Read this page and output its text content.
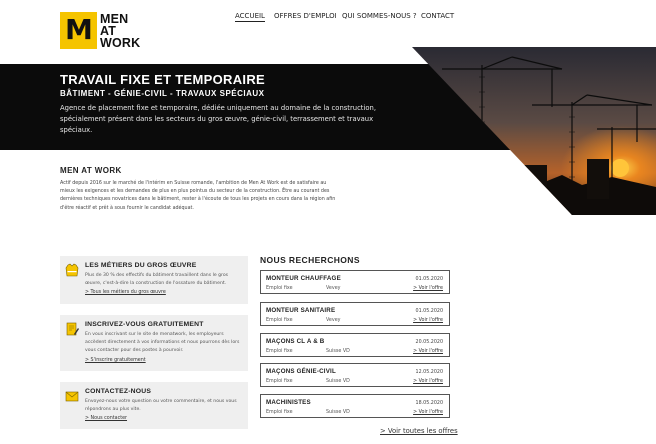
M MEN
AT
WORK
ACCUEIL OFFRES D'EMPLOI QUI SOMMES-NOUS ? CONTACT
TRAVAIL FIXE ET TEMPORAIRE
BÂTIMENT - GÉNIE-CIVIL - TRAVAUX SPÉCIAUX
Agence de placement fixe et temporaire, dédiée uniquement au domaine de la construction, spécialement présent dans les secteurs du gros œuvre, génie-civil, terrassement et travaux spéciaux.
MEN AT WORK
Actif depuis 2016 sur le marché de l'intérim en Suisse romande, l'ambition de Men At Work est de satisfaire au mieux les exigences et les demandes de plus en plus pointus du secteur de la construction. Être au courant des dernières techniques novatrices dans le bâtiment, rester à l'écoute de tous les projets en cours dans la région afin d'être réactif et prêt à sous fournir le candidat adéquat.
LES MÉTIERS DU GROS ŒUVRE
Plus de 30 % des effectifs du bâtiment travaillent dans le gros œuvre, c'est-à-dire la construction de l'ossature du bâtiment.
> Tous les métiers du gros œuvre
INSCRIVEZ-VOUS GRATUITEMENT
En vous inscrivant sur le site de menatwork, les employeurs accèdent directement à vos informations et nous pourrons dès lors vous contacter pour des postes à pourvoir.
> S'inscrire gratuitement
CONTACTEZ-NOUS
Envoyez-nous votre question ou votre commentaire, et nous vous répondrons au plus vite.
> Nous contacter
NOUS RECHERCHONS
MONTEUR CHAUFFAGE	01.05.2020
Emploi fixe	Vevey	> Voir l'offre
MONTEUR SANITAIRE	01.05.2020
Emploi fixe	Vevey	> Voir l'offre
MAÇONS CL A & B	20.05.2020
Emploi fixe	Suisse VD	> Voir l'offre
MAÇONS GÉNIE-CIVIL	12.05.2020
Emploi fixe	Suisse VD	> Voir l'offre
MACHINISTES	18.05.2020
Emploi fixe	Suisse VD	> Voir l'offre
> Voir toutes les offres
